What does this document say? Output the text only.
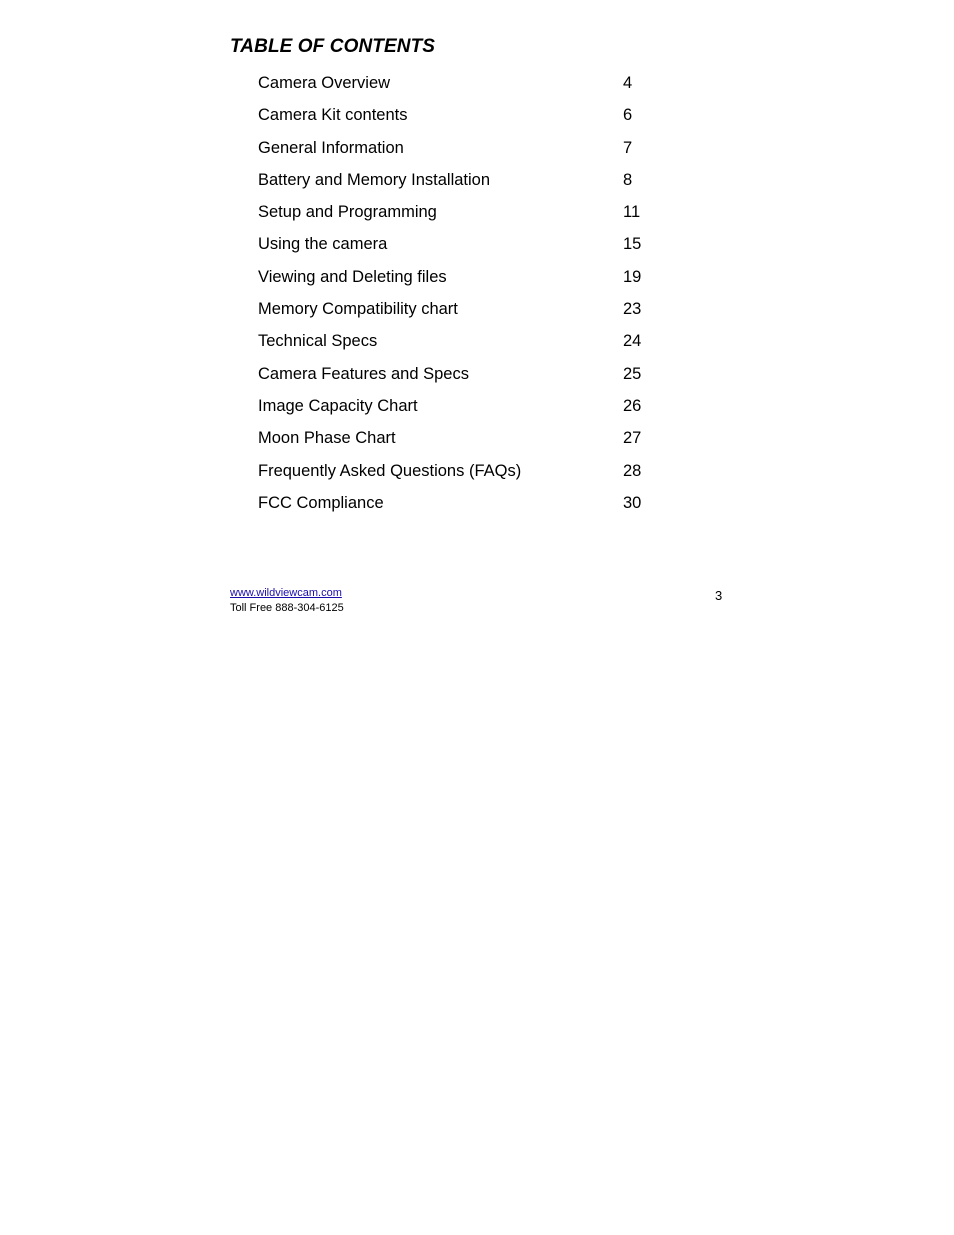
TABLE OF CONTENTS
Camera Overview	4
Camera Kit contents	6
General Information	7
Battery and Memory Installation	8
Setup and Programming	11
Using the camera	15
Viewing and Deleting files	19
Memory Compatibility chart	23
Technical Specs	24
Camera Features and Specs	25
Image Capacity Chart	26
Moon Phase Chart	27
Frequently Asked Questions (FAQs)	28
FCC Compliance	30
www.wildviewcam.com
Toll Free 888-304-6125
3
